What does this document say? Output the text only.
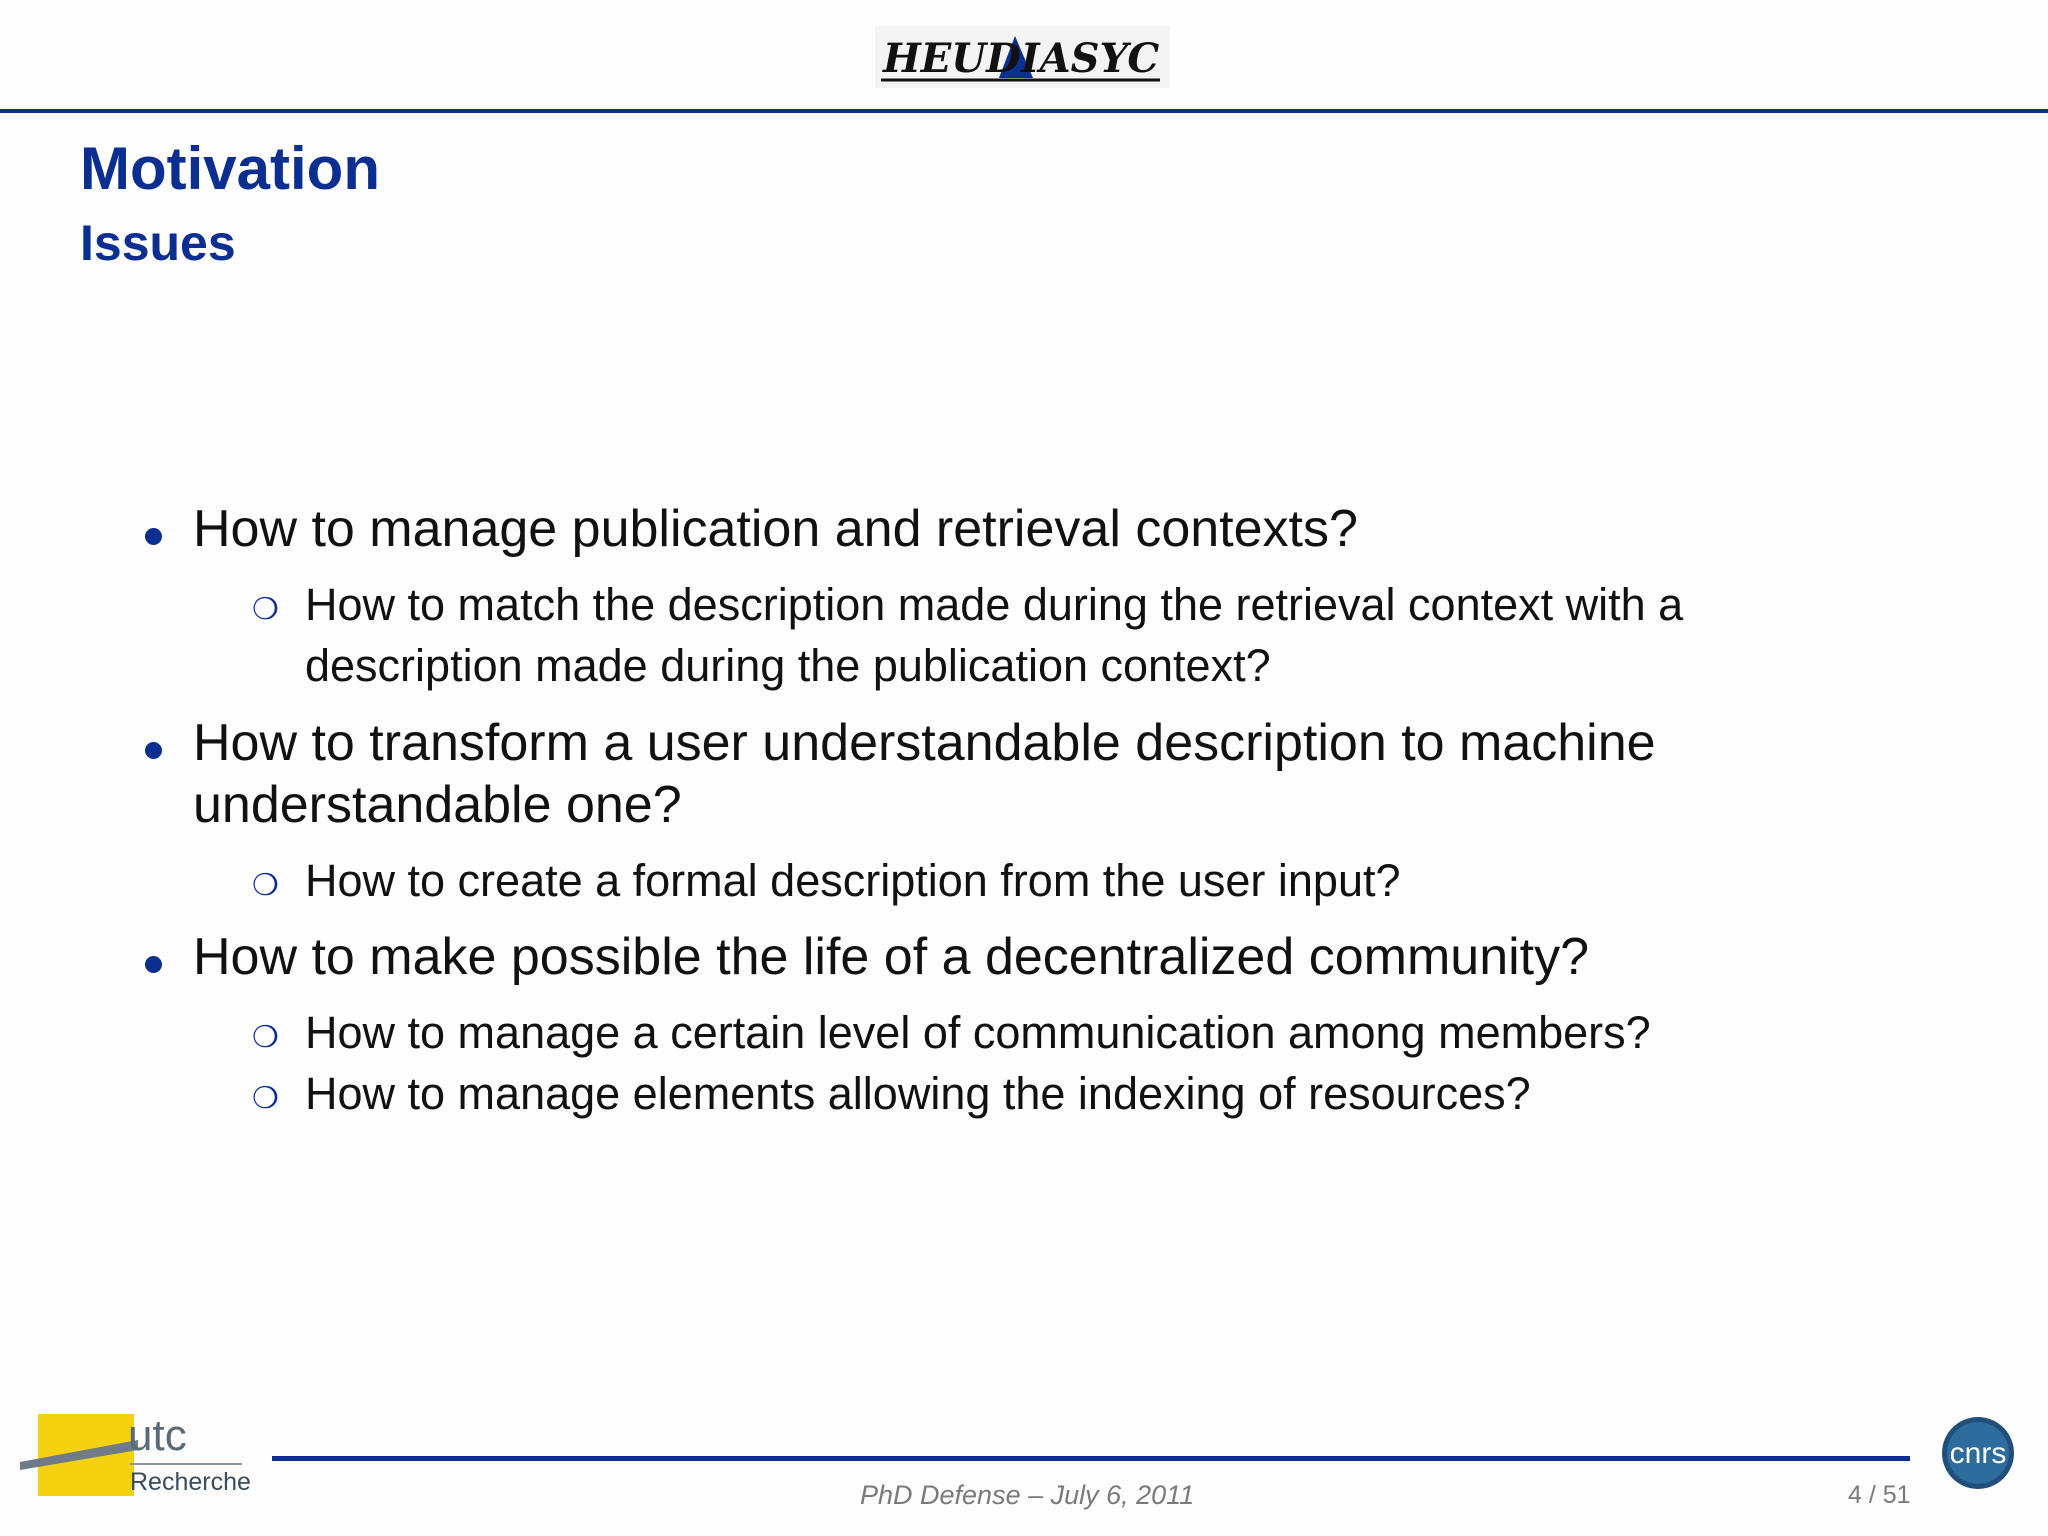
HEUDIASYC
Motivation
Issues
How to manage publication and retrieval contexts?
❍ How to match the description made during the retrieval context with a
description made during the publication context?
How to transform a user understandable description to machine
understandable one?
❍ How to create a formal description from the user input?
How to make possible the life of a decentralized community?
❍ How to manage a certain level of communication among members?
❍ How to manage elements allowing the indexing of resources?
utc
Recherche	PhD Defense – July 6, 2011	4 / 51
cnrs
